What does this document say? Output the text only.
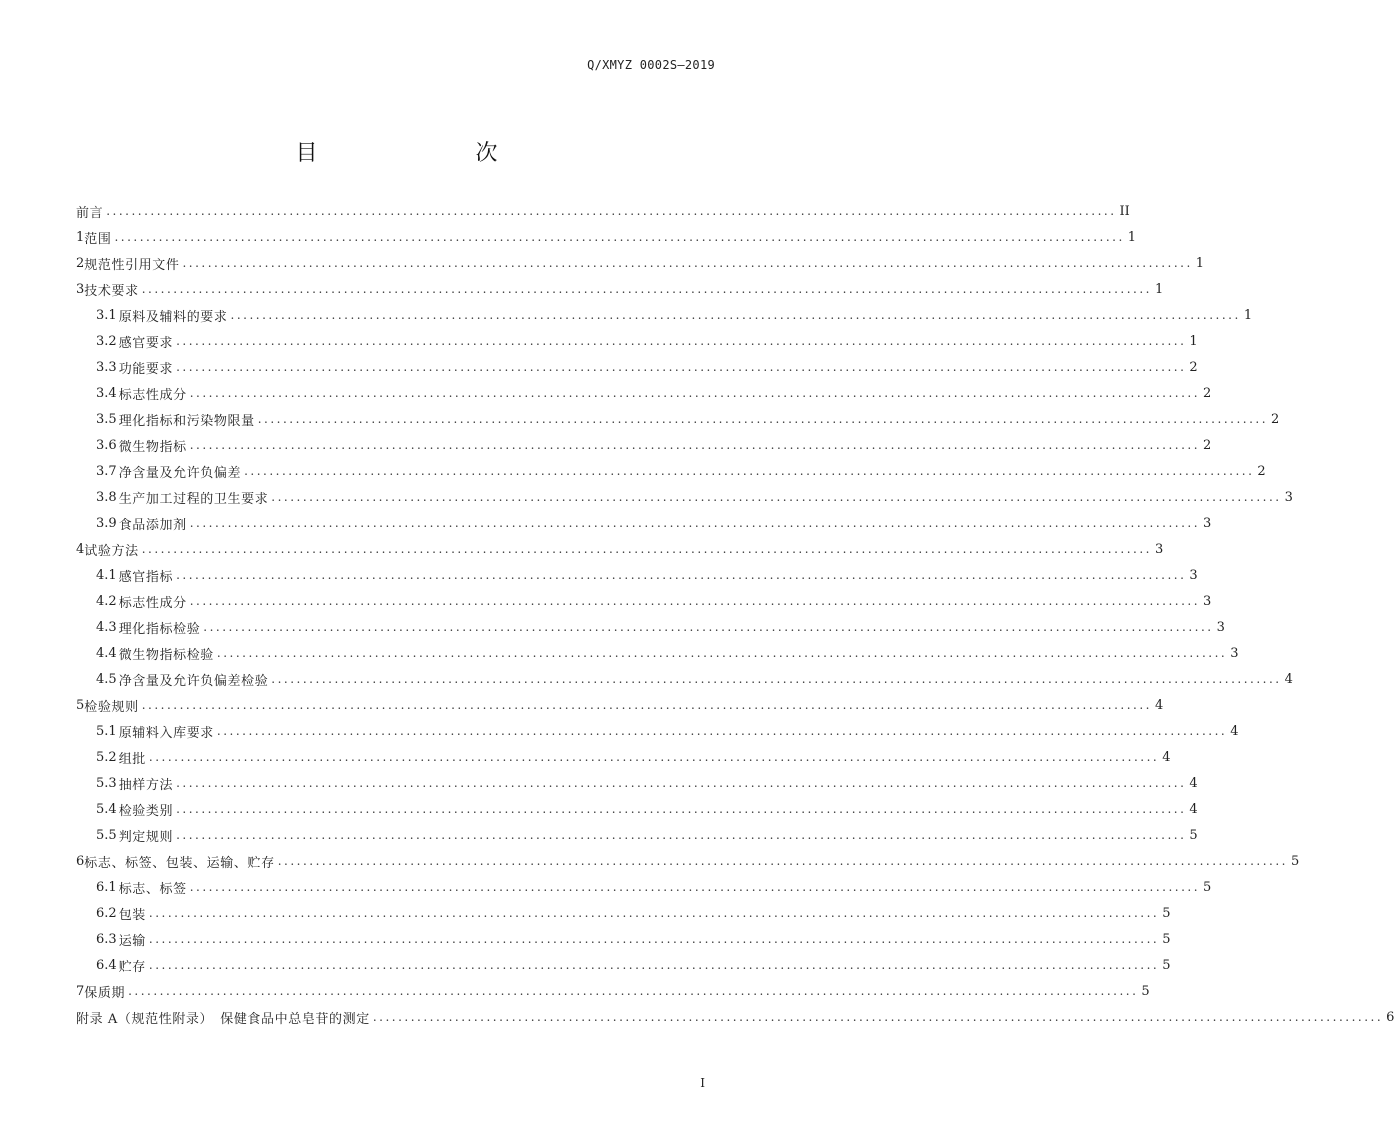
Q/XMYZ 0002S—2019
目　　次
前言 ................................................................................................................................................................ II
1 范围 ................................................................................................................................................................ 1
2 规范性引用文件 ................................................................................................................................................................ 1
3 技术要求 ................................................................................................................................................................ 1
3.1 原料及辅料的要求 ................................................................................................................................................................ 1
3.2 感官要求 ................................................................................................................................................................ 1
3.3 功能要求 ................................................................................................................................................................ 2
3.4 标志性成分 ................................................................................................................................................................ 2
3.5 理化指标和污染物限量 ................................................................................................................................................................ 2
3.6 微生物指标 ................................................................................................................................................................ 2
3.7 净含量及允许负偏差 ................................................................................................................................................................ 2
3.8 生产加工过程的卫生要求 ................................................................................................................................................................ 3
3.9 食品添加剂 ................................................................................................................................................................ 3
4 试验方法 ................................................................................................................................................................ 3
4.1 感官指标 ................................................................................................................................................................ 3
4.2 标志性成分 ................................................................................................................................................................ 3
4.3 理化指标检验 ................................................................................................................................................................ 3
4.4 微生物指标检验 ................................................................................................................................................................ 3
4.5 净含量及允许负偏差检验 ................................................................................................................................................................ 4
5 检验规则 ................................................................................................................................................................ 4
5.1 原辅料入库要求 ................................................................................................................................................................ 4
5.2 组批 ................................................................................................................................................................ 4
5.3 抽样方法 ................................................................................................................................................................ 4
5.4 检验类别 ................................................................................................................................................................ 4
5.5 判定规则 ................................................................................................................................................................ 5
6 标志、标签、包装、运输、贮存 ................................................................................................................................................................ 5
6.1 标志、标签 ................................................................................................................................................................ 5
6.2 包装 ................................................................................................................................................................ 5
6.3 运输 ................................................................................................................................................................ 5
6.4 贮存 ................................................................................................................................................................ 5
7 保质期 ................................................................................................................................................................ 5
附录 A（规范性附录）　保健食品中总皂苷的测定 ................................................................................................................................................................ 6
I
